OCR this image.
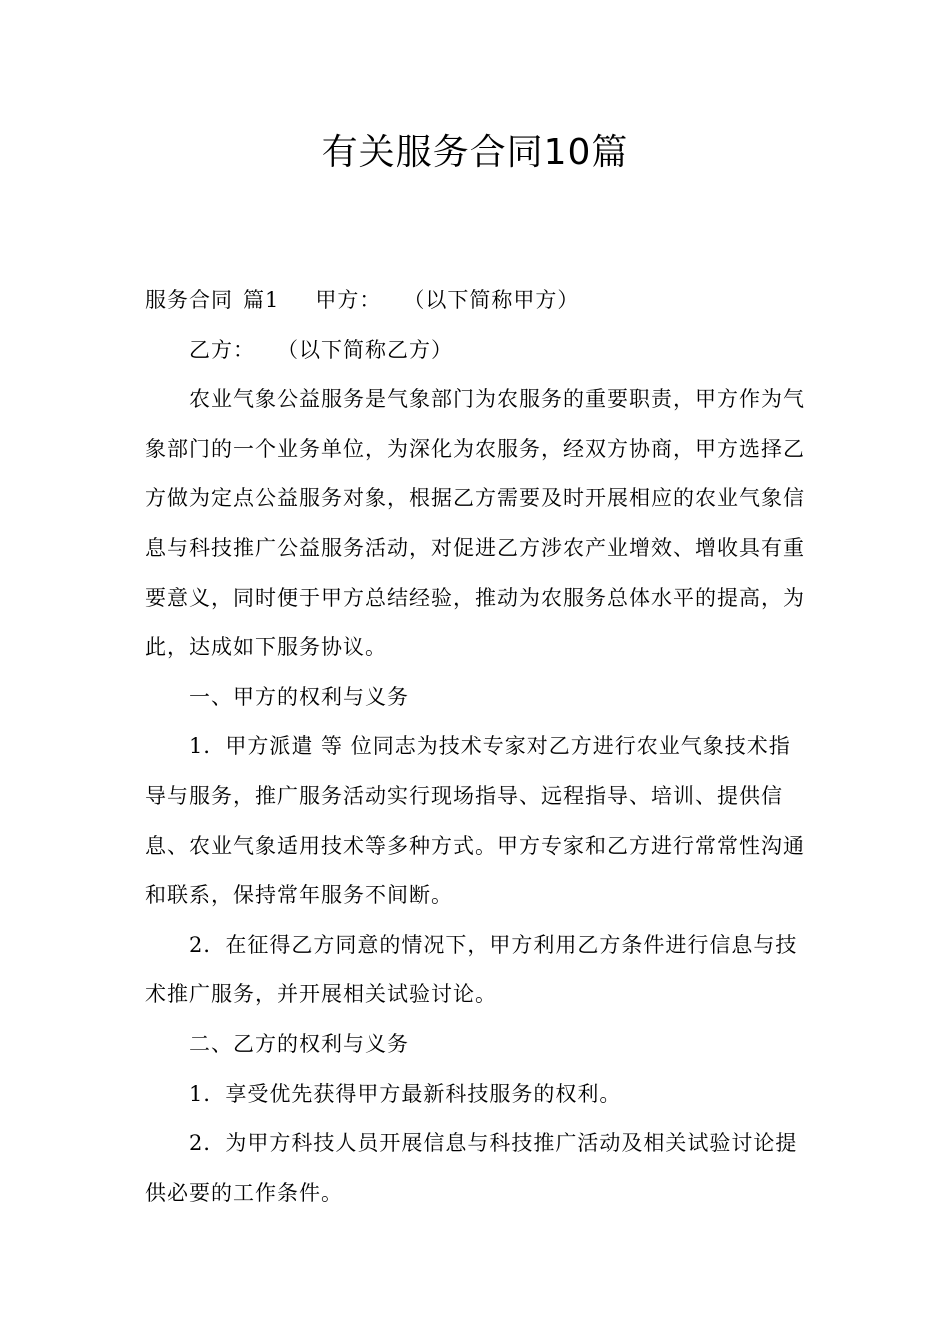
有关服务合同10篇

服务合同 篇1 甲方： （以下简称甲方）

乙方： （以下简称乙方）

农业气象公益服务是气象部门为农服务的重要职责，甲方作为气象部门的一个业务单位，为深化为农服务，经双方协商，甲方选择乙方做为定点公益服务对象，根据乙方需要及时开展相应的农业气象信息与科技推广公益服务活动，对促进乙方涉农产业增效、增收具有重要意义，同时便于甲方总结经验，推动为农服务总体水平的提高，为此，达成如下服务协议。

一、甲方的权利与义务

1．甲方派遣 等 位同志为技术专家对乙方进行农业气象技术指导与服务，推广服务活动实行现场指导、远程指导、培训、提供信息、农业气象适用技术等多种方式。甲方专家和乙方进行常常性沟通和联系，保持常年服务不间断。

2．在征得乙方同意的情况下，甲方利用乙方条件进行信息与技术推广服务，并开展相关试验讨论。

二、乙方的权利与义务

1．享受优先获得甲方最新科技服务的权利。

2．为甲方科技人员开展信息与科技推广活动及相关试验讨论提供必要的工作条件。
